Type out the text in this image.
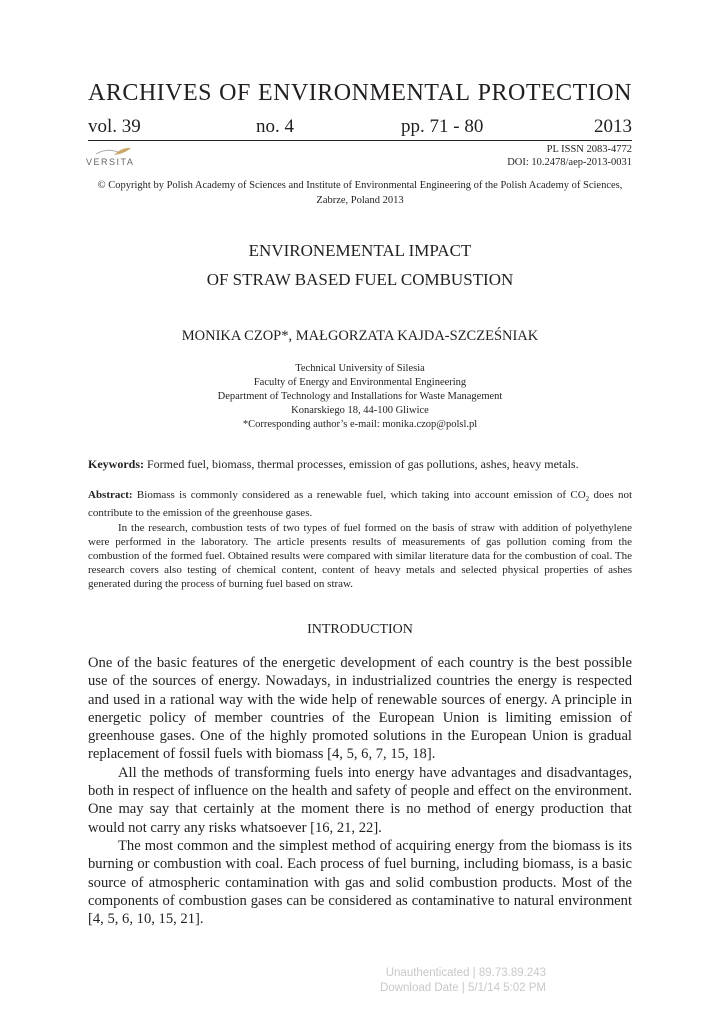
ARCHIVES OF ENVIRONMENTAL PROTECTION
vol. 39	no. 4	pp. 71 - 80	2013
VERSITA
PL ISSN 2083-4772
DOI: 10.2478/aep-2013-0031
© Copyright by Polish Academy of Sciences and Institute of Environmental Engineering of the Polish Academy of Sciences, Zabrze, Poland 2013
ENVIRONEMENTAL IMPACT
OF STRAW BASED FUEL COMBUSTION
MONIKA CZOP*, MAŁGORZATA KAJDA-SZCZEŚNIAK
Technical University of Silesia
Faculty of Energy and Environmental Engineering
Department of Technology and Installations for Waste Management
Konarskiego 18, 44-100 Gliwice
*Corresponding author’s e-mail: monika.czop@polsl.pl
Keywords: Formed fuel, biomass, thermal processes, emission of gas pollutions, ashes, heavy metals.

Abstract: Biomass is commonly considered as a renewable fuel, which taking into account emission of $CO_2$ does not contribute to the emission of the greenhouse gases.

In the research, combustion tests of two types of fuel formed on the basis of straw with addition of polyethylene were performed in the laboratory. The article presents results of measurements of gas pollution coming from the combustion of the formed fuel. Obtained results were compared with similar literature data for the combustion of coal. The research covers also testing of chemical content, content of heavy metals and selected physical properties of ashes generated during the process of burning fuel based on straw.

INTRODUCTION

One of the basic features of the energetic development of each country is the best possible use of the sources of energy. Nowadays, in industrialized countries the energy is respected and used in a rational way with the wide help of renewable sources of energy. A principle in energetic policy of member countries of the European Union is limiting emission of greenhouse gases. One of the highly promoted solutions in the European Union is gradual replacement of fossil fuels with biomass [4, 5, 6, 7, 15, 18].

All the methods of transforming fuels into energy have advantages and disadvantages, both in respect of influence on the health and safety of people and effect on the environment. One may say that certainly at the moment there is no method of energy production that would not carry any risks whatsoever [16, 21, 22].

The most common and the simplest method of acquiring energy from the biomass is its burning or combustion with coal. Each process of fuel burning, including biomass, is a basic source of atmospheric contamination with gas and solid combustion products. Most of the components of combustion gases can be considered as contaminative to natural environment [4, 5, 6, 10, 15, 21].

Unauthenticated | 89.73.89.243
Download Date | 5/1/14 5:02 PM
